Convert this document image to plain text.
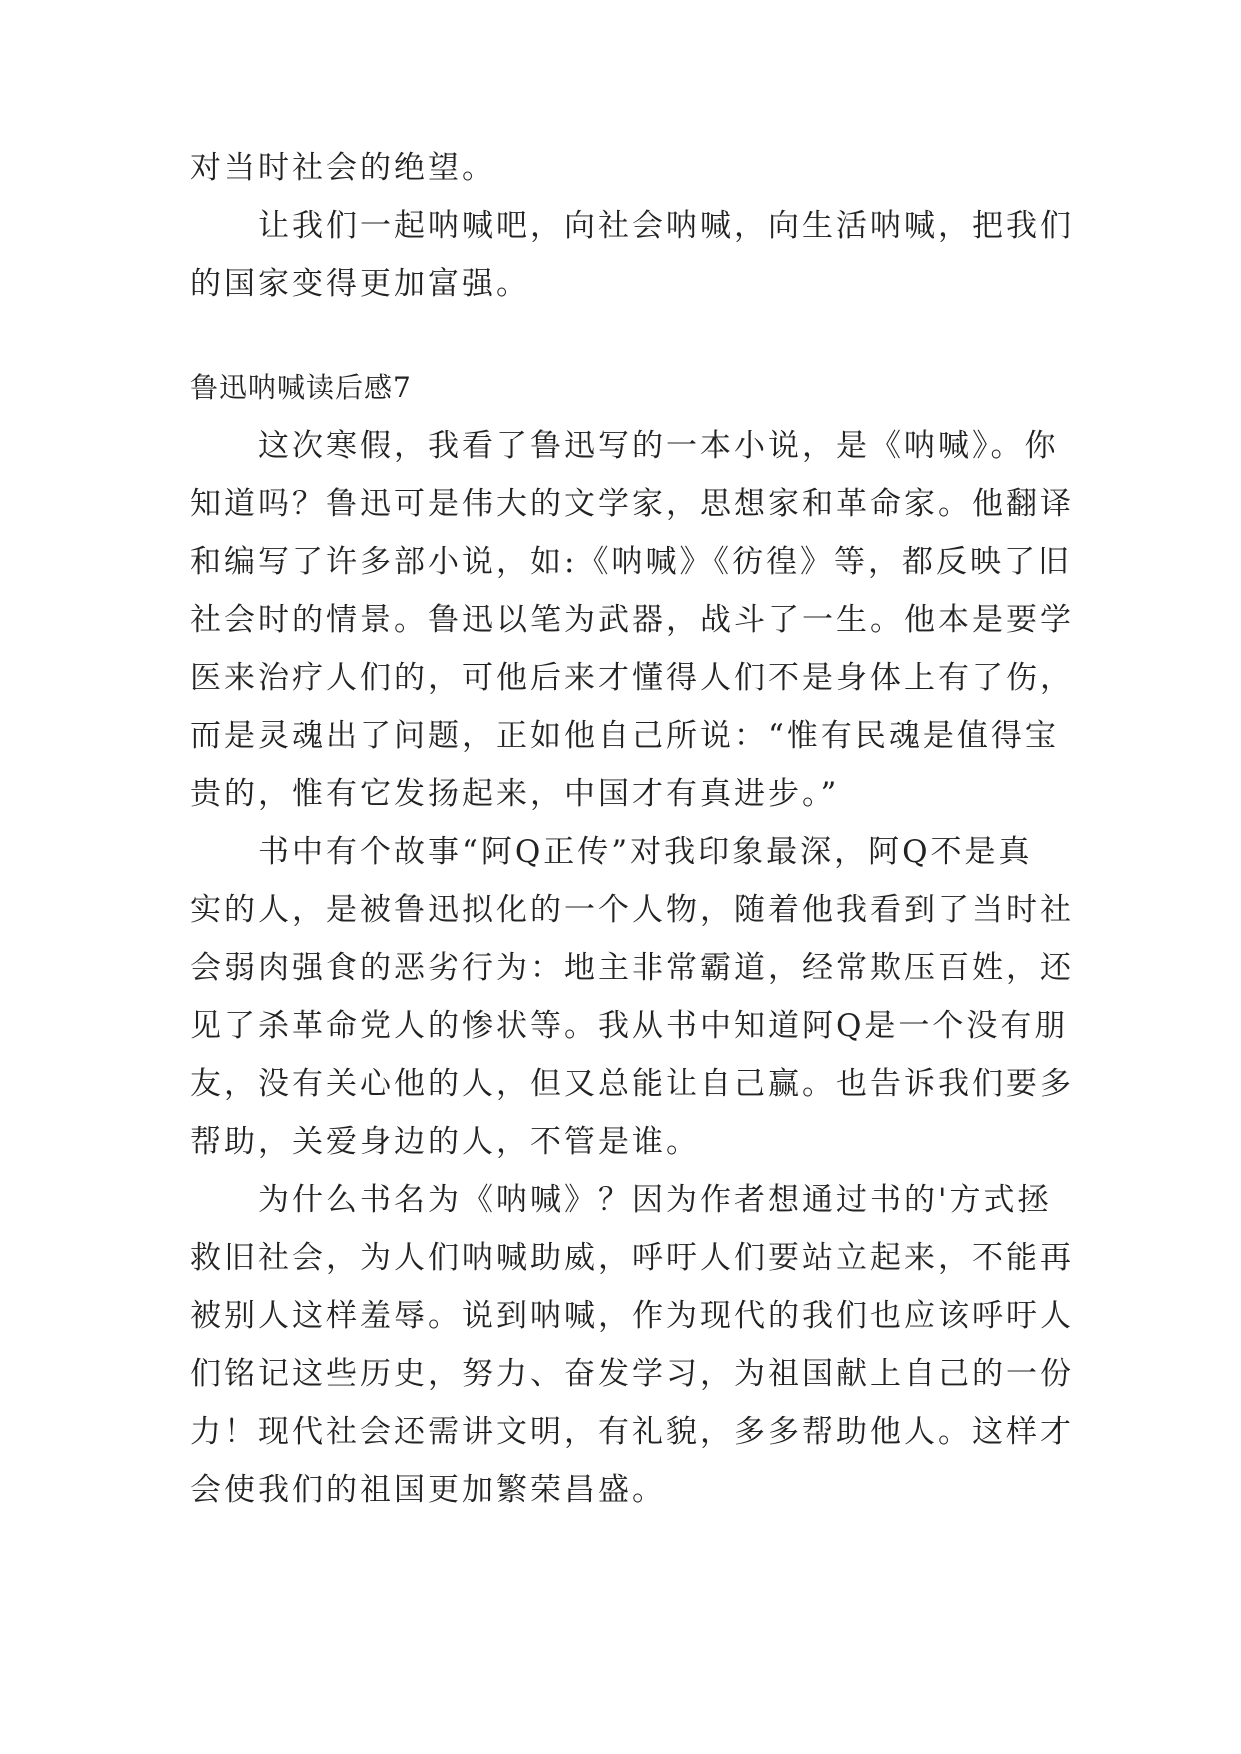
对当时社会的绝望。
　　让我们一起呐喊吧，向社会呐喊，向生活呐喊，把我们
的国家变得更加富强。
鲁迅呐喊读后感7
　　这次寒假，我看了鲁迅写的一本小说，是《呐喊》。你
知道吗？鲁迅可是伟大的文学家，思想家和革命家。他翻译
和编写了许多部小说，如:《呐喊》《彷徨》等，都反映了旧
社会时的情景。鲁迅以笔为武器，战斗了一生。他本是要学
医来治疗人们的，可他后来才懂得人们不是身体上有了伤，
而是灵魂出了问题，正如他自己所说：“惟有民魂是值得宝
贵的，惟有它发扬起来，中国才有真进步。”
　　书中有个故事“阿Q正传”对我印象最深，阿Q不是真
实的人，是被鲁迅拟化的一个人物，随着他我看到了当时社
会弱肉强食的恶劣行为：地主非常霸道，经常欺压百姓，还
见了杀革命党人的惨状等。我从书中知道阿Q是一个没有朋
友，没有关心他的人，但又总能让自己赢。也告诉我们要多
帮助，关爱身边的人，不管是谁。
　　为什么书名为《呐喊》？因为作者想通过书的'方式拯
救旧社会，为人们呐喊助威，呼吁人们要站立起来，不能再
被别人这样羞辱。说到呐喊，作为现代的我们也应该呼吁人
们铭记这些历史，努力、奋发学习，为祖国献上自己的一份
力！现代社会还需讲文明，有礼貌，多多帮助他人。这样才
会使我们的祖国更加繁荣昌盛。
